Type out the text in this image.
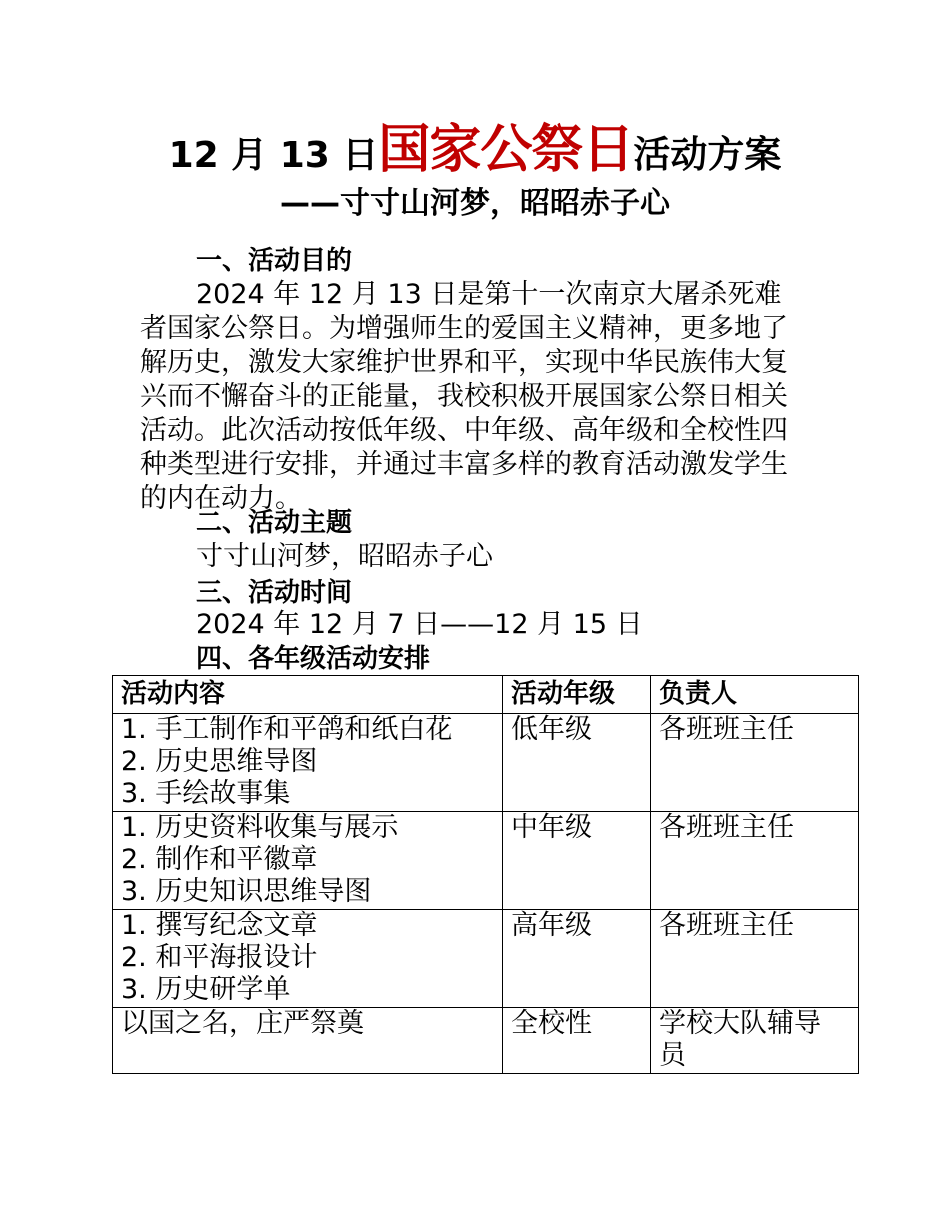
12 月 13 日国家公祭日活动方案
——寸寸山河梦，昭昭赤子心
一、活动目的
2024 年 12 月 13 日是第十一次南京大屠杀死难
者国家公祭日。为增强师生的爱国主义精神，更多地了
解历史，激发大家维护世界和平，实现中华民族伟大复
兴而不懈奋斗的正能量，我校积极开展国家公祭日相关
活动。此次活动按低年级、中年级、高年级和全校性四
种类型进行安排，并通过丰富多样的教育活动激发学生
的内在动力。
二、活动主题
寸寸山河梦，昭昭赤子心
三、活动时间
2024 年 12 月 7 日——12 月 15 日
四、各年级活动安排
活动内容	活动年级	负责人

1. 手工制作和平鸽和纸白花
2. 历史思维导图
3. 手绘故事集	低年级	各班班主任

1. 历史资料收集与展示
2. 制作和平徽章
3. 历史知识思维导图	中年级	各班班主任

1. 撰写纪念文章
2. 和平海报设计
3. 历史研学单	高年级	各班班主任

以国之名，庄严祭奠	全校性	学校大队辅导
员
